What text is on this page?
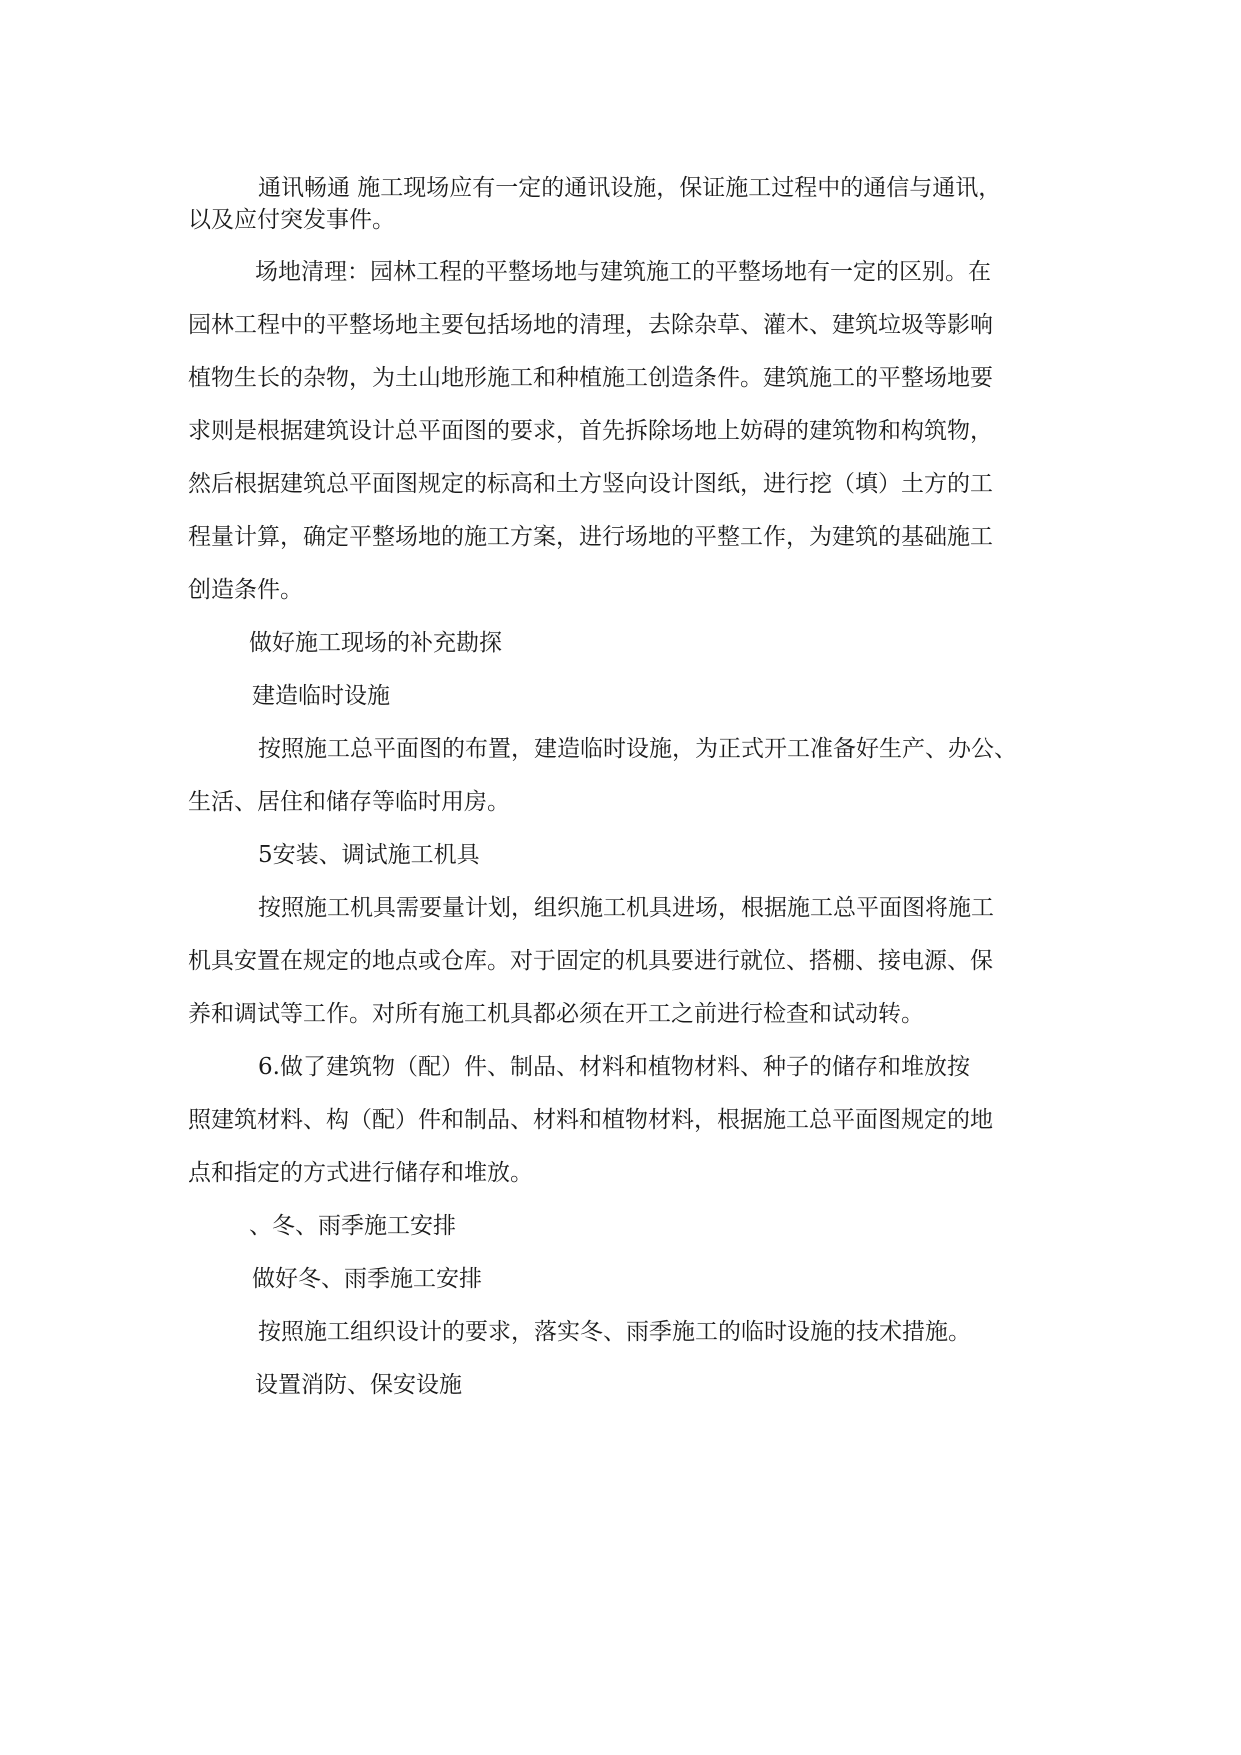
通讯畅通 施工现场应有一定的通讯设施，保证施工过程中的通信与通讯，
以及应付突发事件。
场地清理：园林工程的平整场地与建筑施工的平整场地有一定的区别。在
园林工程中的平整场地主要包括场地的清理，去除杂草、灌木、建筑垃圾等影响
植物生长的杂物，为土山地形施工和种植施工创造条件。建筑施工的平整场地要
求则是根据建筑设计总平面图的要求，首先拆除场地上妨碍的建筑物和构筑物，
然后根据建筑总平面图规定的标高和土方竖向设计图纸，进行挖（填）土方的工
程量计算，确定平整场地的施工方案，进行场地的平整工作，为建筑的基础施工
创造条件。
做好施工现场的补充勘探
建造临时设施
按照施工总平面图的布置，建造临时设施，为正式开工准备好生产、办公、
生活、居住和储存等临时用房。
5安装、调试施工机具
按照施工机具需要量计划，组织施工机具进场，根据施工总平面图将施工
机具安置在规定的地点或仓库。对于固定的机具要进行就位、搭棚、接电源、保
养和调试等工作。对所有施工机具都必须在开工之前进行检查和试动转。
6.做了建筑物（配）件、制品、材料和植物材料、种子的储存和堆放按
照建筑材料、构（配）件和制品、材料和植物材料，根据施工总平面图规定的地
点和指定的方式进行储存和堆放。
、冬、雨季施工安排
做好冬、雨季施工安排
按照施工组织设计的要求，落实冬、雨季施工的临时设施的技术措施。
设置消防、保安设施
